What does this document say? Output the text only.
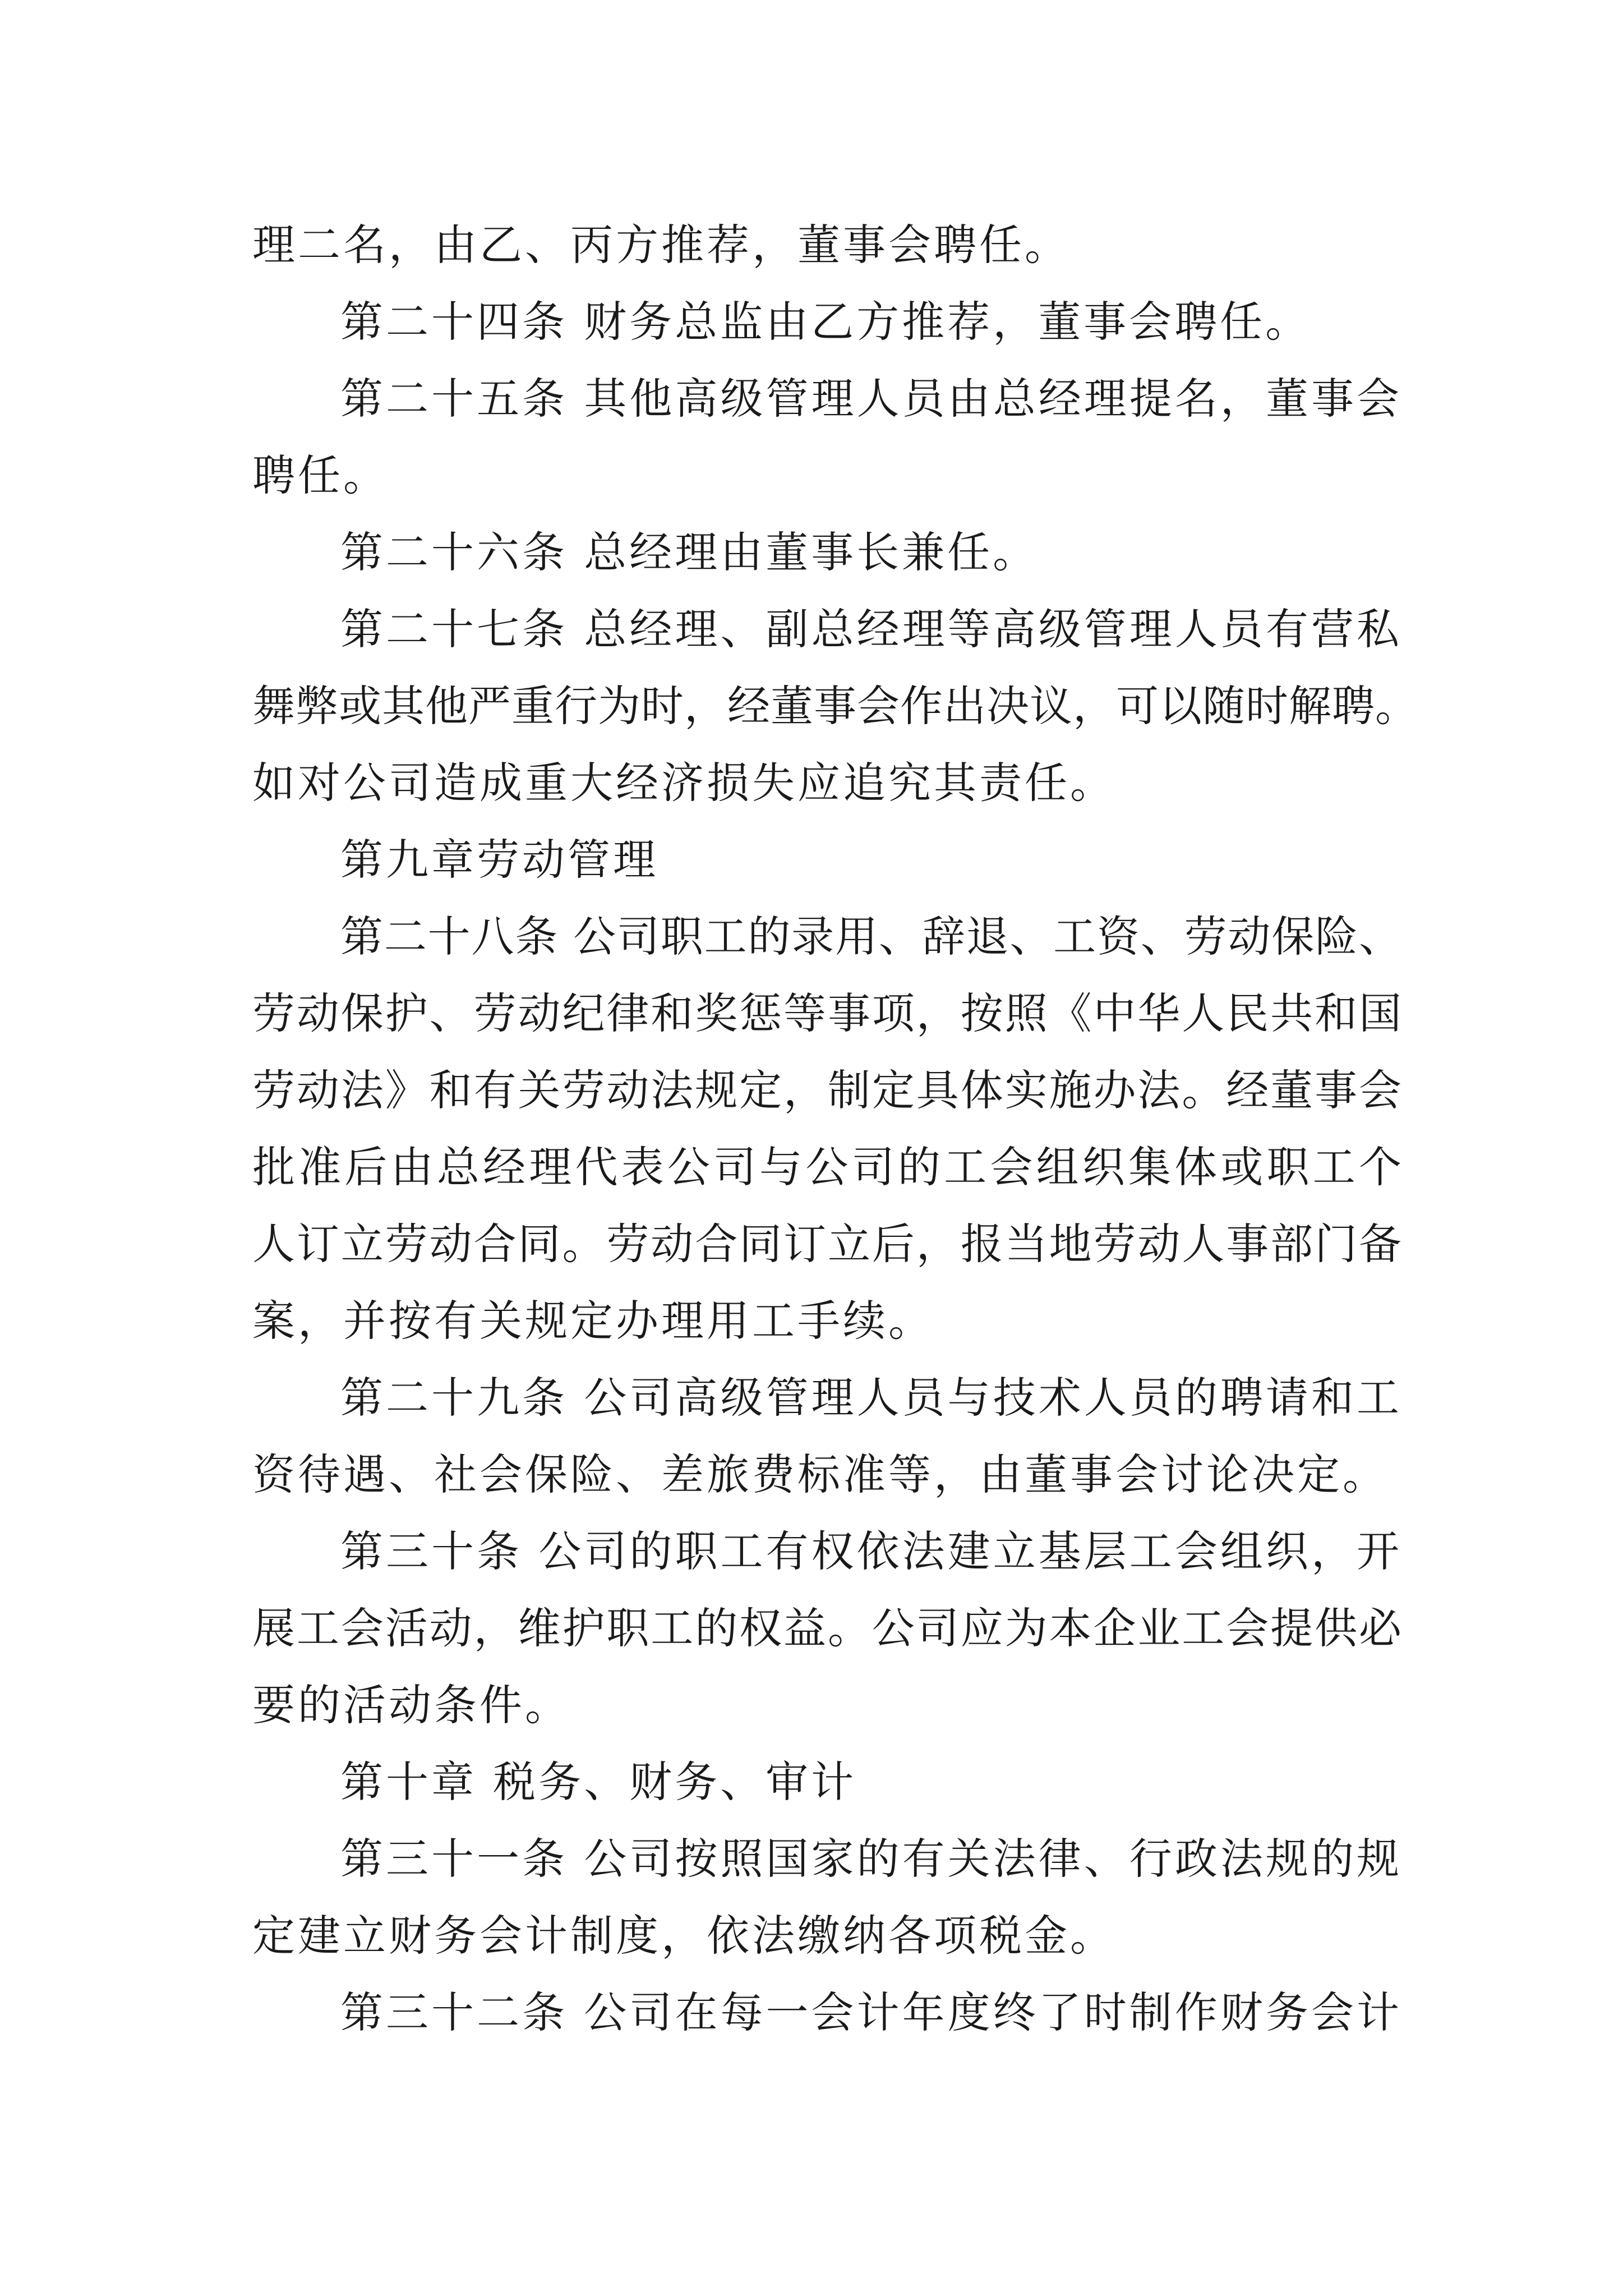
理二名，由乙、丙方推荐，董事会聘任。
第二十四条 财务总监由乙方推荐，董事会聘任。
第二十五条 其他高级管理人员由总经理提名，董事会
聘任。
第二十六条 总经理由董事长兼任。
第二十七条 总经理、副总经理等高级管理人员有营私
舞弊或其他严重行为时，经董事会作出决议，可以随时解聘。
如对公司造成重大经济损失应追究其责任。
第九章劳动管理
第二十八条 公司职工的录用、辞退、工资、劳动保险、
劳动保护、劳动纪律和奖惩等事项，按照《中华人民共和国
劳动法》和有关劳动法规定，制定具体实施办法。经董事会
批准后由总经理代表公司与公司的工会组织集体或职工个
人订立劳动合同。劳动合同订立后，报当地劳动人事部门备
案，并按有关规定办理用工手续。
第二十九条 公司高级管理人员与技术人员的聘请和工
资待遇、社会保险、差旅费标准等，由董事会讨论决定。
第三十条 公司的职工有权依法建立基层工会组织，开
展工会活动，维护职工的权益。公司应为本企业工会提供必
要的活动条件。
第十章 税务、财务、审计
第三十一条 公司按照国家的有关法律、行政法规的规
定建立财务会计制度，依法缴纳各项税金。
第三十二条 公司在每一会计年度终了时制作财务会计
